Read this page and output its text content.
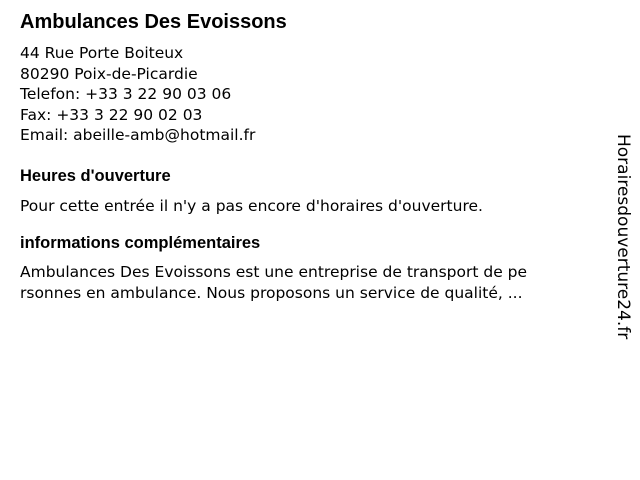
Ambulances Des Evoissons
44 Rue Porte Boiteux
80290 Poix-de-Picardie
Telefon: +33 3 22 90 03 06
Fax: +33 3 22 90 02 03
Email: abeille-amb@hotmail.fr
Heures d'ouverture
Pour cette entrée il n'y a pas encore d'horaires d'ouverture.
informations complémentaires
Ambulances Des Evoissons est une entreprise de transport de pe
rsonnes en ambulance. Nous proposons un service de qualité, ...	Horairesdouverture24.fr
